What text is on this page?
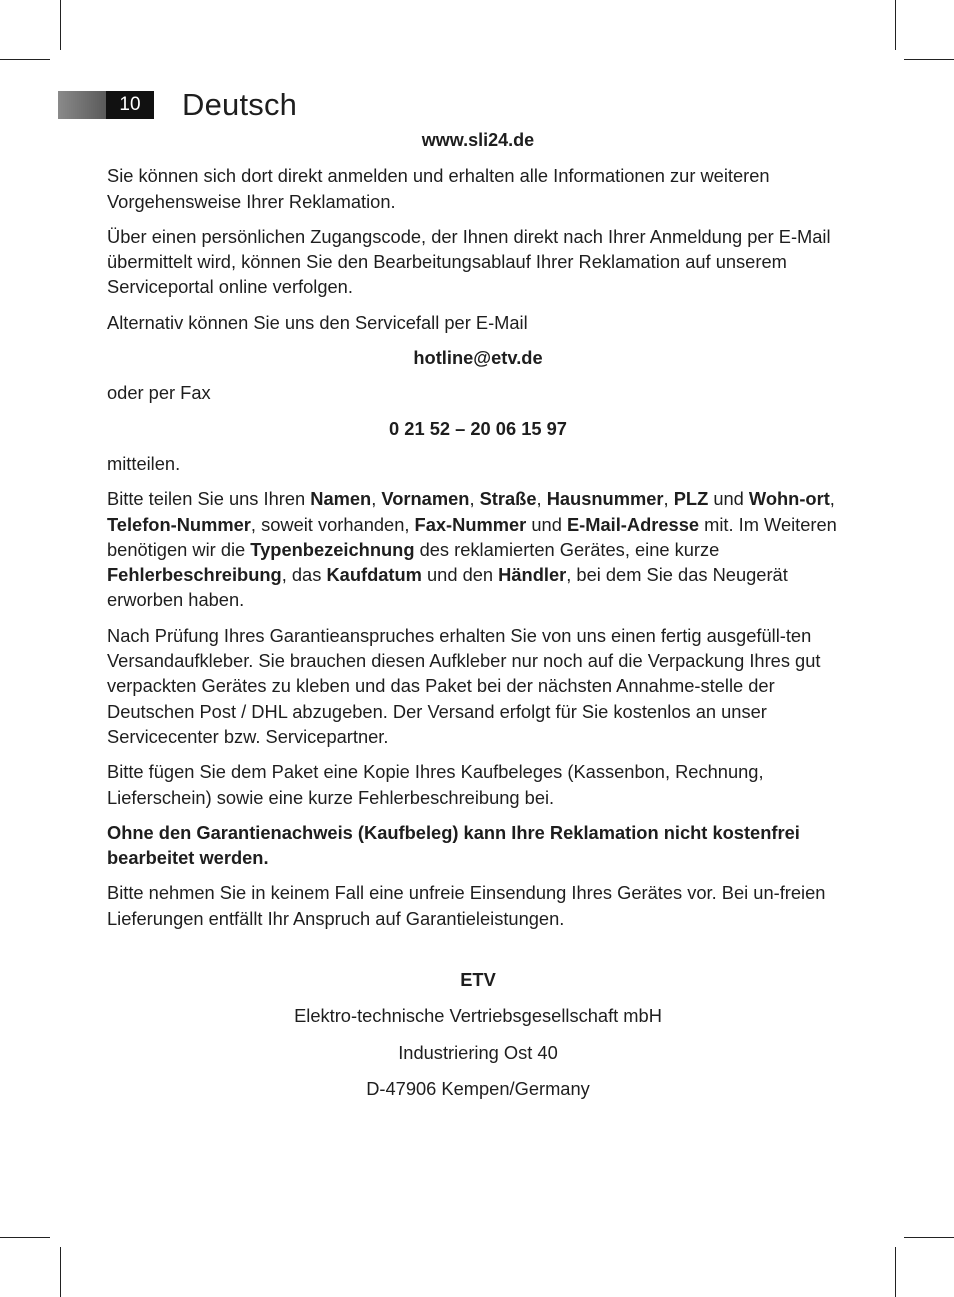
10	Deutsch

www.sli24.de

Sie können sich dort direkt anmelden und erhalten alle Informationen zur weiteren Vorgehensweise Ihrer Reklamation.

Über einen persönlichen Zugangscode, der Ihnen direkt nach Ihrer Anmeldung per E-Mail übermittelt wird, können Sie den Bearbeitungsablauf Ihrer Reklamation auf unserem Serviceportal online verfolgen.

Alternativ können Sie uns den Servicefall per E-Mail

hotline@etv.de

oder per Fax

0 21 52 – 20 06 15 97

mitteilen.

Bitte teilen Sie uns Ihren Namen, Vornamen, Straße, Hausnummer, PLZ und Wohn-ort, Telefon-Nummer, soweit vorhanden, Fax-Nummer und E-Mail-Adresse mit. Im Weiteren benötigen wir die Typenbezeichnung des reklamierten Gerätes, eine kurze Fehlerbeschreibung, das Kaufdatum und den Händler, bei dem Sie das Neugerät erworben haben.

Nach Prüfung Ihres Garantieanspruches erhalten Sie von uns einen fertig ausgefüll-ten Versandaufkleber. Sie brauchen diesen Aufkleber nur noch auf die Verpackung Ihres gut verpackten Gerätes zu kleben und das Paket bei der nächsten Annahme-stelle der Deutschen Post / DHL abzugeben. Der Versand erfolgt für Sie kostenlos an unser Servicecenter bzw. Servicepartner.

Bitte fügen Sie dem Paket eine Kopie Ihres Kaufbeleges (Kassenbon, Rechnung, Lieferschein) sowie eine kurze Fehlerbeschreibung bei.

Ohne den Garantienachweis (Kaufbeleg) kann Ihre Reklamation nicht kostenfrei bearbeitet werden.

Bitte nehmen Sie in keinem Fall eine unfreie Einsendung Ihres Gerätes vor. Bei un-freien Lieferungen entfällt Ihr Anspruch auf Garantieleistungen.

ETV

Elektro-technische Vertriebsgesellschaft mbH

Industriering Ost 40

D-47906 Kempen/Germany
